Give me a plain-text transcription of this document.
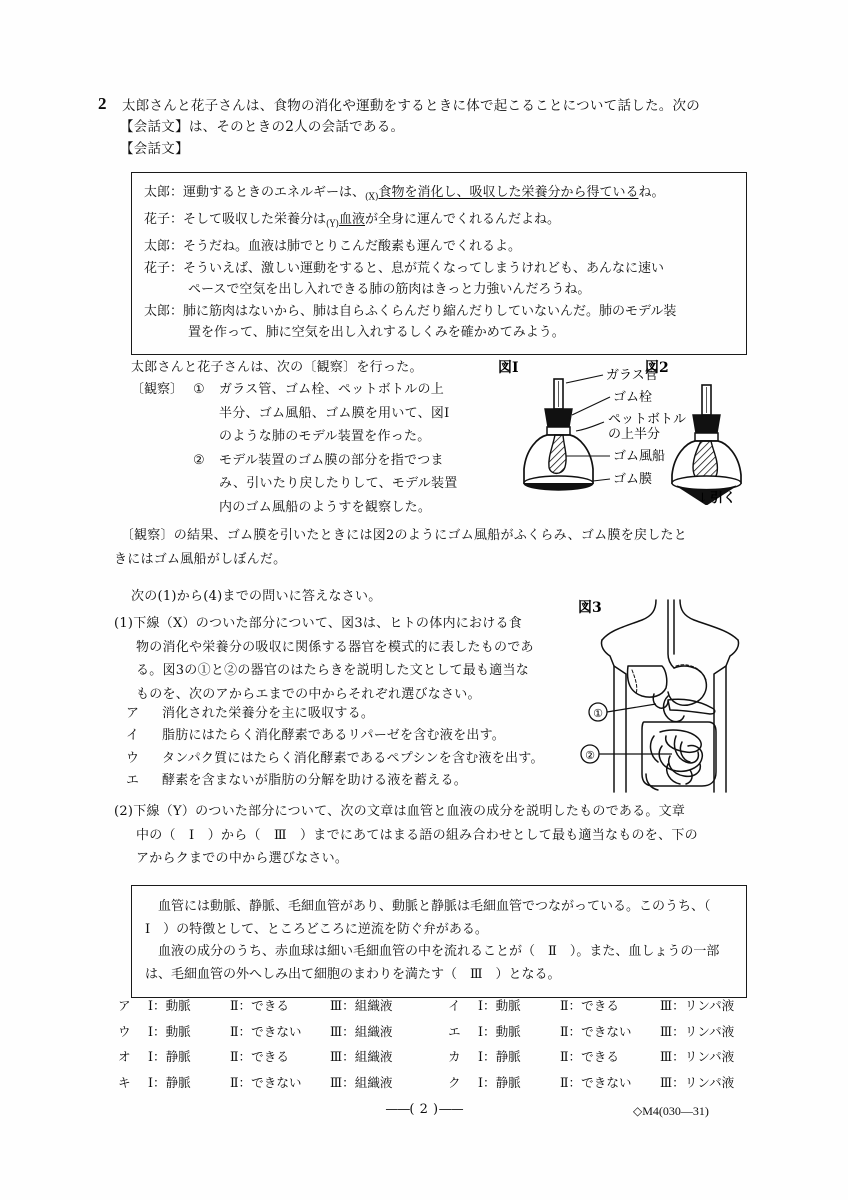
2 太郎さんと花子さんは、食物の消化や運動をするときに体で起こることについて話した。次の
【会話文】は、そのときの2人の会話である。
【会話文】
太郎：運動するときのエネルギーは、$_{(X)}$食物を消化し、吸収した栄養分から得ているね。
花子：そして吸収した栄養分は$_{(Y)}$血液が全身に運んでくれるんだよね。
太郎：そうだね。血液は肺でとりこんだ酸素も運んでくれるよ。
花子：そういえば、激しい運動をすると、息が荒くなってしまうけれども、あんなに速い
ペースで空気を出し入れできる肺の筋肉はきっと力強いんだろうね。
太郎：肺に筋肉はないから、肺は自らふくらんだり縮んだりしていないんだ。肺のモデル装
置を作って、肺に空気を出し入れするしくみを確かめてみよう。
太郎さんと花子さんは、次の〔観察〕を行った。
〔観察〕 ① ガラス管、ゴム栓、ペットボトルの上
半分、ゴム風船、ゴム膜を用いて、図I
のような肺のモデル装置を作った。
② モデル装置のゴム膜の部分を指でつま
み、引いたり戻したりして、モデル装置
内のゴム風船のようすを観察した。
図I	ガラス管
ゴム栓
ペットボトル
の上半分
ゴム風船
ゴム膜
図2
↓ 引く
　〔観察〕の結果、ゴム膜を引いたときには図2のようにゴム風船がふくらみ、ゴム膜を戻したと
きにはゴム風船がしぼんだ。
次の(1)から(4)までの問いに答えなさい。
図3
①
②
(1)下線（X）のついた部分について、図3は、ヒトの体内における食
物の消化や栄養分の吸収に関係する器官を模式的に表したものであ
る。図3の①と②の器官のはたらきを説明した文として最も適当な
ものを、次のアからエまでの中からそれぞれ選びなさい。
ア 消化された栄養分を主に吸収する。
イ 脂肪にはたらく消化酵素であるリパーゼを含む液を出す。
ウ タンパク質にはたらく消化酵素であるペプシンを含む液を出す。
エ 酵素を含まないが脂肪の分解を助ける液を蓄える。
(2)下線（Y）のついた部分について、次の文章は血管と血液の成分を説明したものである。文章
中の（　I　）から（　Ⅲ　）までにあてはまる語の組み合わせとして最も適当なものを、下の
アからクまでの中から選びなさい。

血管には動脈、静脈、毛細血管があり、動脈と静脈は毛細血管でつながっている。このうち、（　I　）の特徴として、ところどころに逆流を防ぐ弁がある。

血液の成分のうち、赤血球は細い毛細血管の中を流れることが（　Ⅱ　）。また、血しょうの一部は、毛細血管の外へしみ出て細胞のまわりを満たす（　Ⅲ　）となる。

ア	I：動脈	Ⅱ：できる	Ⅲ：組織液	イ	I：動脈	Ⅱ：できる	Ⅲ：リンパ液
ウ	I：動脈	Ⅱ：できない	Ⅲ：組織液	エ	I：動脈	Ⅱ：できない	Ⅲ：リンパ液
オ	I：静脈	Ⅱ：できる	Ⅲ：組織液	カ	I：静脈	Ⅱ：できる	Ⅲ：リンパ液
キ	I：静脈	Ⅱ：できない	Ⅲ：組織液	ク	I：静脈	Ⅱ：できない	Ⅲ：リンパ液
——( 2 )——	◇M4(030—31)
